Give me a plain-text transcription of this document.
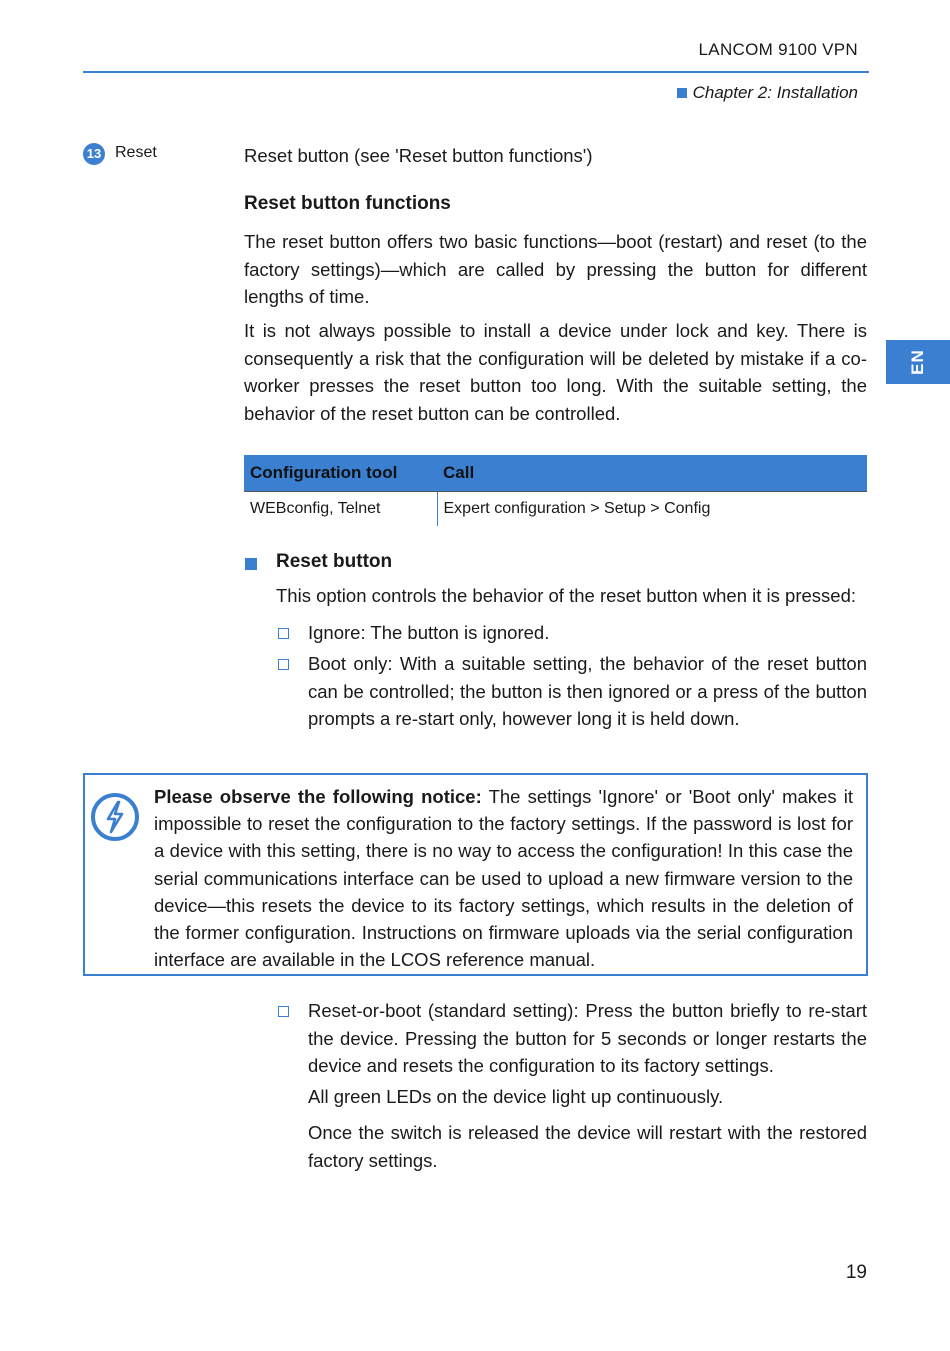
LANCOM 9100 VPN
Chapter 2: Installation
EN
13 Reset	Reset button (see 'Reset button functions')
Reset button functions
The reset button offers two basic functions—boot (restart) and reset (to the factory settings)—which are called by pressing the button for different lengths of time.
It is not always possible to install a device under lock and key. There is consequently a risk that the configuration will be deleted by mistake if a co-worker presses the reset button too long. With the suitable setting, the behavior of the reset button can be controlled.
Configuration tool	Call
WEBconfig, Telnet	Expert configuration > Setup > Config
Reset button
This option controls the behavior of the reset button when it is pressed:
Ignore: The button is ignored.
Boot only: With a suitable setting, the behavior of the reset button can be controlled; the button is then ignored or a press of the button prompts a re-start only, however long it is held down.
Please observe the following notice: The settings 'Ignore' or 'Boot only' makes it impossible to reset the configuration to the factory settings. If the password is lost for a device with this setting, there is no way to access the configuration! In this case the serial communications interface can be used to upload a new firmware version to the device—this resets the device to its factory settings, which results in the deletion of the former configuration. Instructions on firmware uploads via the serial configuration interface are available in the LCOS reference manual.
Reset-or-boot (standard setting): Press the button briefly to re-start the device. Pressing the button for 5 seconds or longer restarts the device and resets the configuration to its factory settings.
All green LEDs on the device light up continuously.
Once the switch is released the device will restart with the restored factory settings.
19
